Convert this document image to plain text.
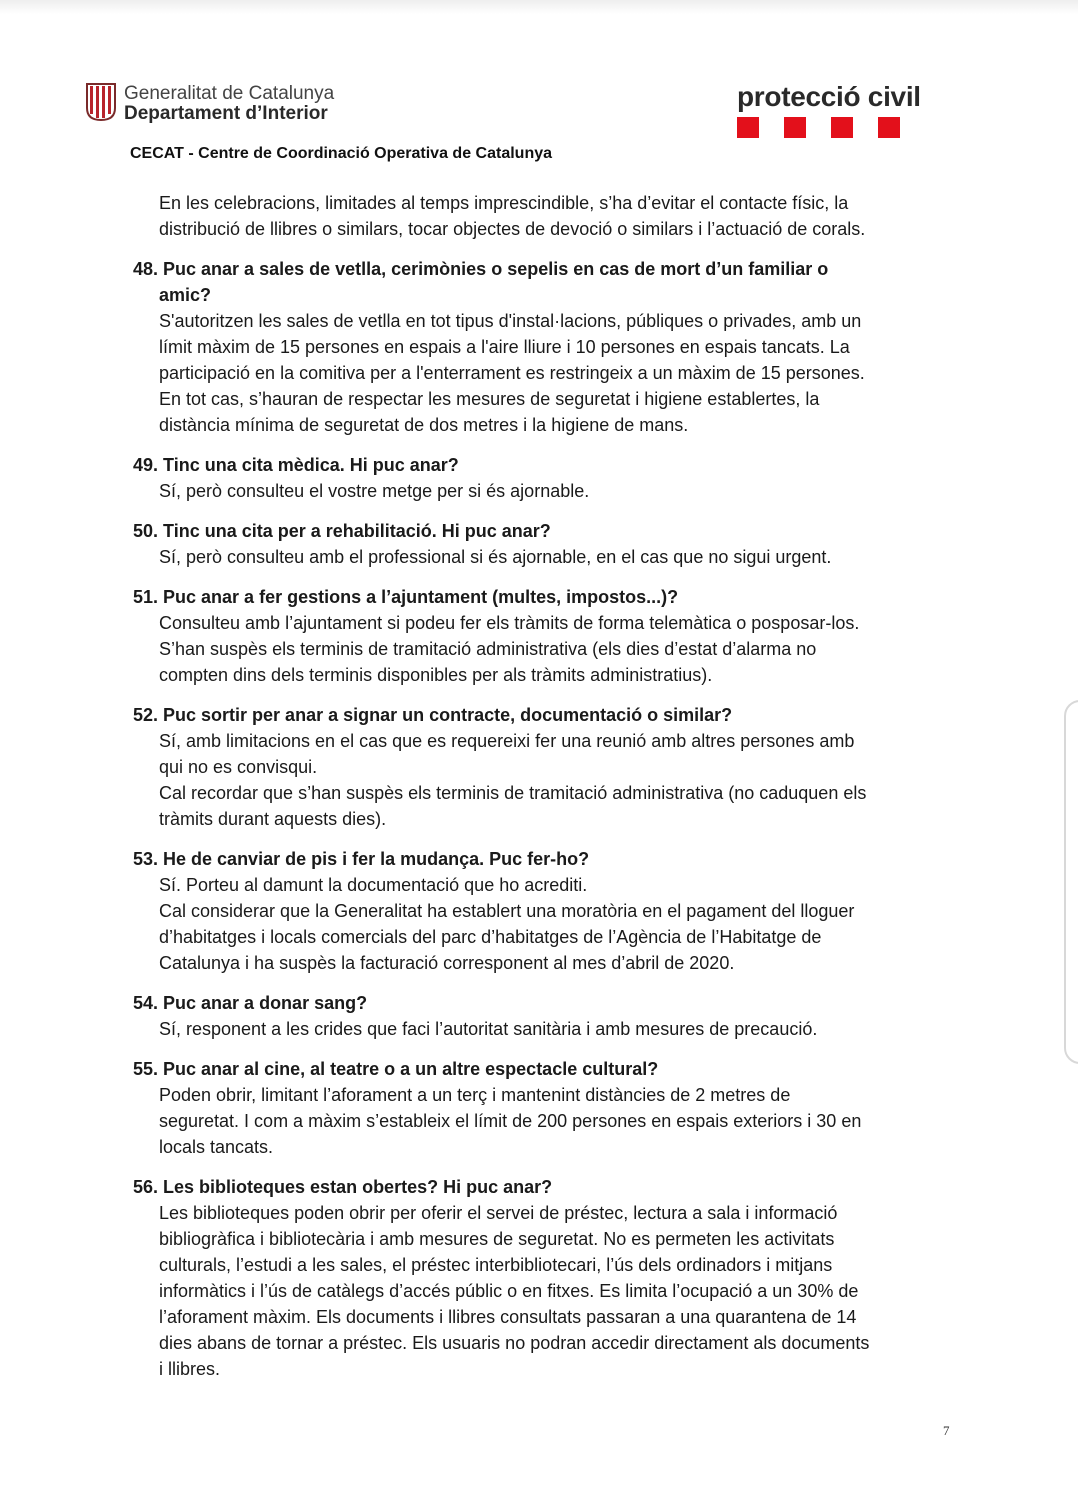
Generalitat de Catalunya
Departament d’Interior
protecció civil
CECAT - Centre de Coordinació Operativa de Catalunya
En les celebracions, limitades al temps imprescindible, s’ha d’evitar el contacte físic, la
distribució de llibres o similars, tocar objectes de devoció o similars i l’actuació de corals.

48. Puc anar a sales de vetlla, cerimònies o sepelis en cas de mort d’un familiar o
amic?

S'autoritzen les sales de vetlla en tot tipus d'instal·lacions, públiques o privades, amb un
límit màxim de 15 persones en espais a l'aire lliure i 10 persones en espais tancats. La
participació en la comitiva per a l'enterrament es restringeix a un màxim de 15 persones.
En tot cas, s’hauran de respectar les mesures de seguretat i higiene establertes, la
distància mínima de seguretat de dos metres i la higiene de mans.

49. Tinc una cita mèdica. Hi puc anar?

Sí, però consulteu el vostre metge per si és ajornable.

50. Tinc una cita per a rehabilitació. Hi puc anar?

Sí, però consulteu amb el professional si és ajornable, en el cas que no sigui urgent.

51. Puc anar a fer gestions a l’ajuntament (multes, impostos...)?

Consulteu amb l’ajuntament si podeu fer els tràmits de forma telemàtica o posposar-los.
S’han suspès els terminis de tramitació administrativa (els dies d’estat d’alarma no
compten dins dels terminis disponibles per als tràmits administratius).

52. Puc sortir per anar a signar un contracte, documentació o similar?

Sí, amb limitacions en el cas que es requereixi fer una reunió amb altres persones amb
qui no es convisqui.
Cal recordar que s’han suspès els terminis de tramitació administrativa (no caduquen els
tràmits durant aquests dies).

53. He de canviar de pis i fer la mudança. Puc fer-ho?

Sí. Porteu al damunt la documentació que ho acrediti.
Cal considerar que la Generalitat ha establert una moratòria en el pagament del lloguer
d’habitatges i locals comercials del parc d’habitatges de l’Agència de l’Habitatge de
Catalunya i ha suspès la facturació corresponent al mes d’abril de 2020.

54. Puc anar a donar sang?

Sí, responent a les crides que faci l’autoritat sanitària i amb mesures de precaució.

55. Puc anar al cine, al teatre o a un altre espectacle cultural?

Poden obrir, limitant l’aforament a un terç i mantenint distàncies de 2 metres de
seguretat. I com a màxim s’estableix el límit de 200 persones en espais exteriors i 30 en
locals tancats.

56. Les biblioteques estan obertes? Hi puc anar?

Les biblioteques poden obrir per oferir el servei de préstec, lectura a sala i informació
bibliogràfica i bibliotecària i amb mesures de seguretat. No es permeten les activitats
culturals, l’estudi a les sales, el préstec interbibliotecari, l’ús dels ordinadors i mitjans
informàtics i l’ús de catàlegs d’accés públic o en fitxes. Es limita l’ocupació a un 30% de
l’aforament màxim. Els documents i llibres consultats passaran a una quarantena de 14
dies abans de tornar a préstec. Els usuaris no podran accedir directament als documents
i llibres.

7
